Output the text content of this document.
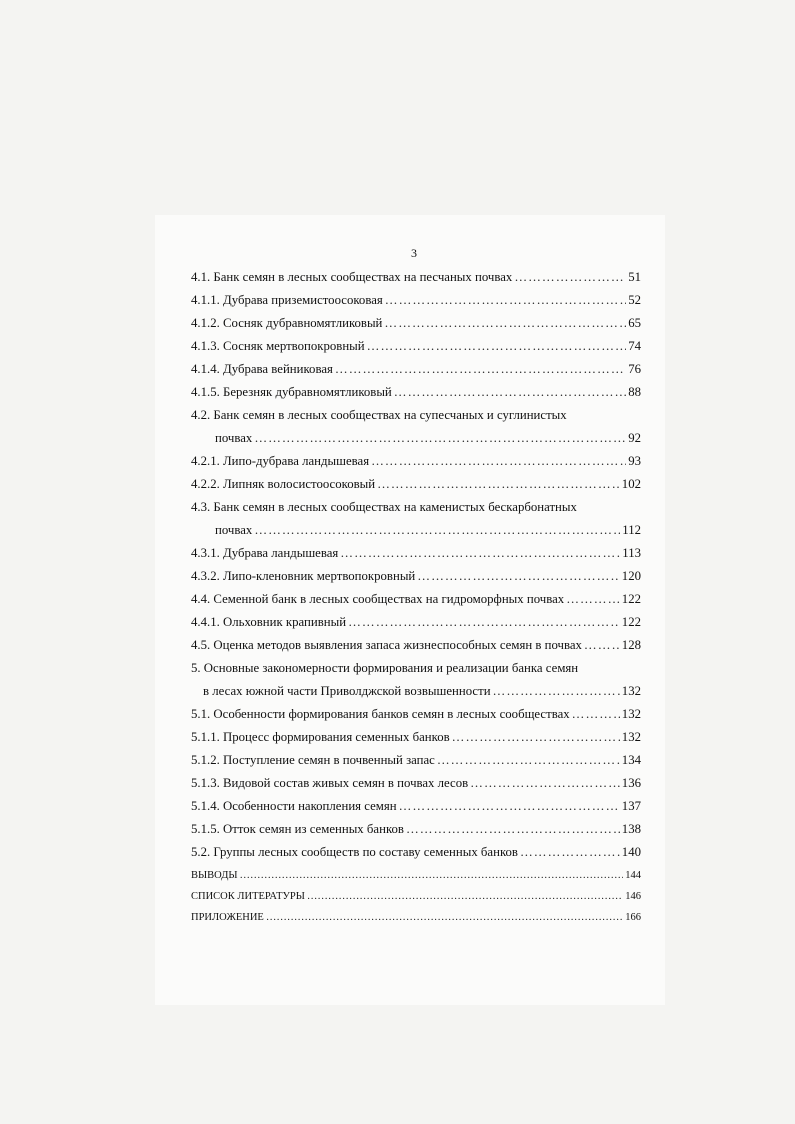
3
4.1. Банк семян в лесных сообществах на песчаных почвах ……………………………………………………………………………………………………………………………………………………………	51
4.1.1. Дубрава приземистоосоковая ……………………………………………………………………………………………………………………………………………………………	52
4.1.2. Сосняк дубравномятликовый ……………………………………………………………………………………………………………………………………………………………	65
4.1.3. Сосняк мертвопокровный ……………………………………………………………………………………………………………………………………………………………	74
4.1.4. Дубрава вейниковая ……………………………………………………………………………………………………………………………………………………………	76
4.1.5. Березняк дубравномятликовый ……………………………………………………………………………………………………………………………………………………………	88
4.2. Банк семян в лесных сообществах на супесчаных и суглинистых
почвах ……………………………………………………………………………………………………………………………………………………………	92
4.2.1. Липо-дубрава ландышевая ……………………………………………………………………………………………………………………………………………………………	93
4.2.2. Липняк волосистоосоковый ……………………………………………………………………………………………………………………………………………………………	102
4.3. Банк семян в лесных сообществах на каменистых бескарбонатных
почвах ……………………………………………………………………………………………………………………………………………………………	112
4.3.1. Дубрава ландышевая ……………………………………………………………………………………………………………………………………………………………	113
4.3.2. Липо-кленовник мертвопокровный ……………………………………………………………………………………………………………………………………………………………	120
4.4. Семенной банк в лесных сообществах на гидроморфных почвах ……………………………………………………………………………………………………………………………………………………………	122
4.4.1. Ольховник крапивный ……………………………………………………………………………………………………………………………………………………………	122
4.5. Оценка методов выявления запаса жизнеспособных семян в почвах ……………………………………………………………………………………………………………………………………………………………	128
5. Основные закономерности формирования и реализации банка семян
в лесах южной части Приволджской возвышенности ……………………………………………………………………………………………………………………………………………………………	132
5.1. Особенности формирования банков семян в лесных сообществах ……………………………………………………………………………………………………………………………………………………………	132
5.1.1. Процесс формирования семенных банков ……………………………………………………………………………………………………………………………………………………………	132
5.1.2. Поступление семян в почвенный запас ……………………………………………………………………………………………………………………………………………………………	134
5.1.3. Видовой состав живых семян в почвах лесов ……………………………………………………………………………………………………………………………………………………………	136
5.1.4. Особенности накопления семян ……………………………………………………………………………………………………………………………………………………………	137
5.1.5. Отток семян из семенных банков ……………………………………………………………………………………………………………………………………………………………	138
5.2. Группы лесных сообществ по составу семенных банков ……………………………………………………………………………………………………………………………………………………………	140
ВЫВОДЫ ……………………………………………………………………………………………………………………………………………………………	144
СПИСОК ЛИТЕРАТУРЫ ……………………………………………………………………………………………………………………………………………………………	146
ПРИЛОЖЕНИЕ ……………………………………………………………………………………………………………………………………………………………	166
